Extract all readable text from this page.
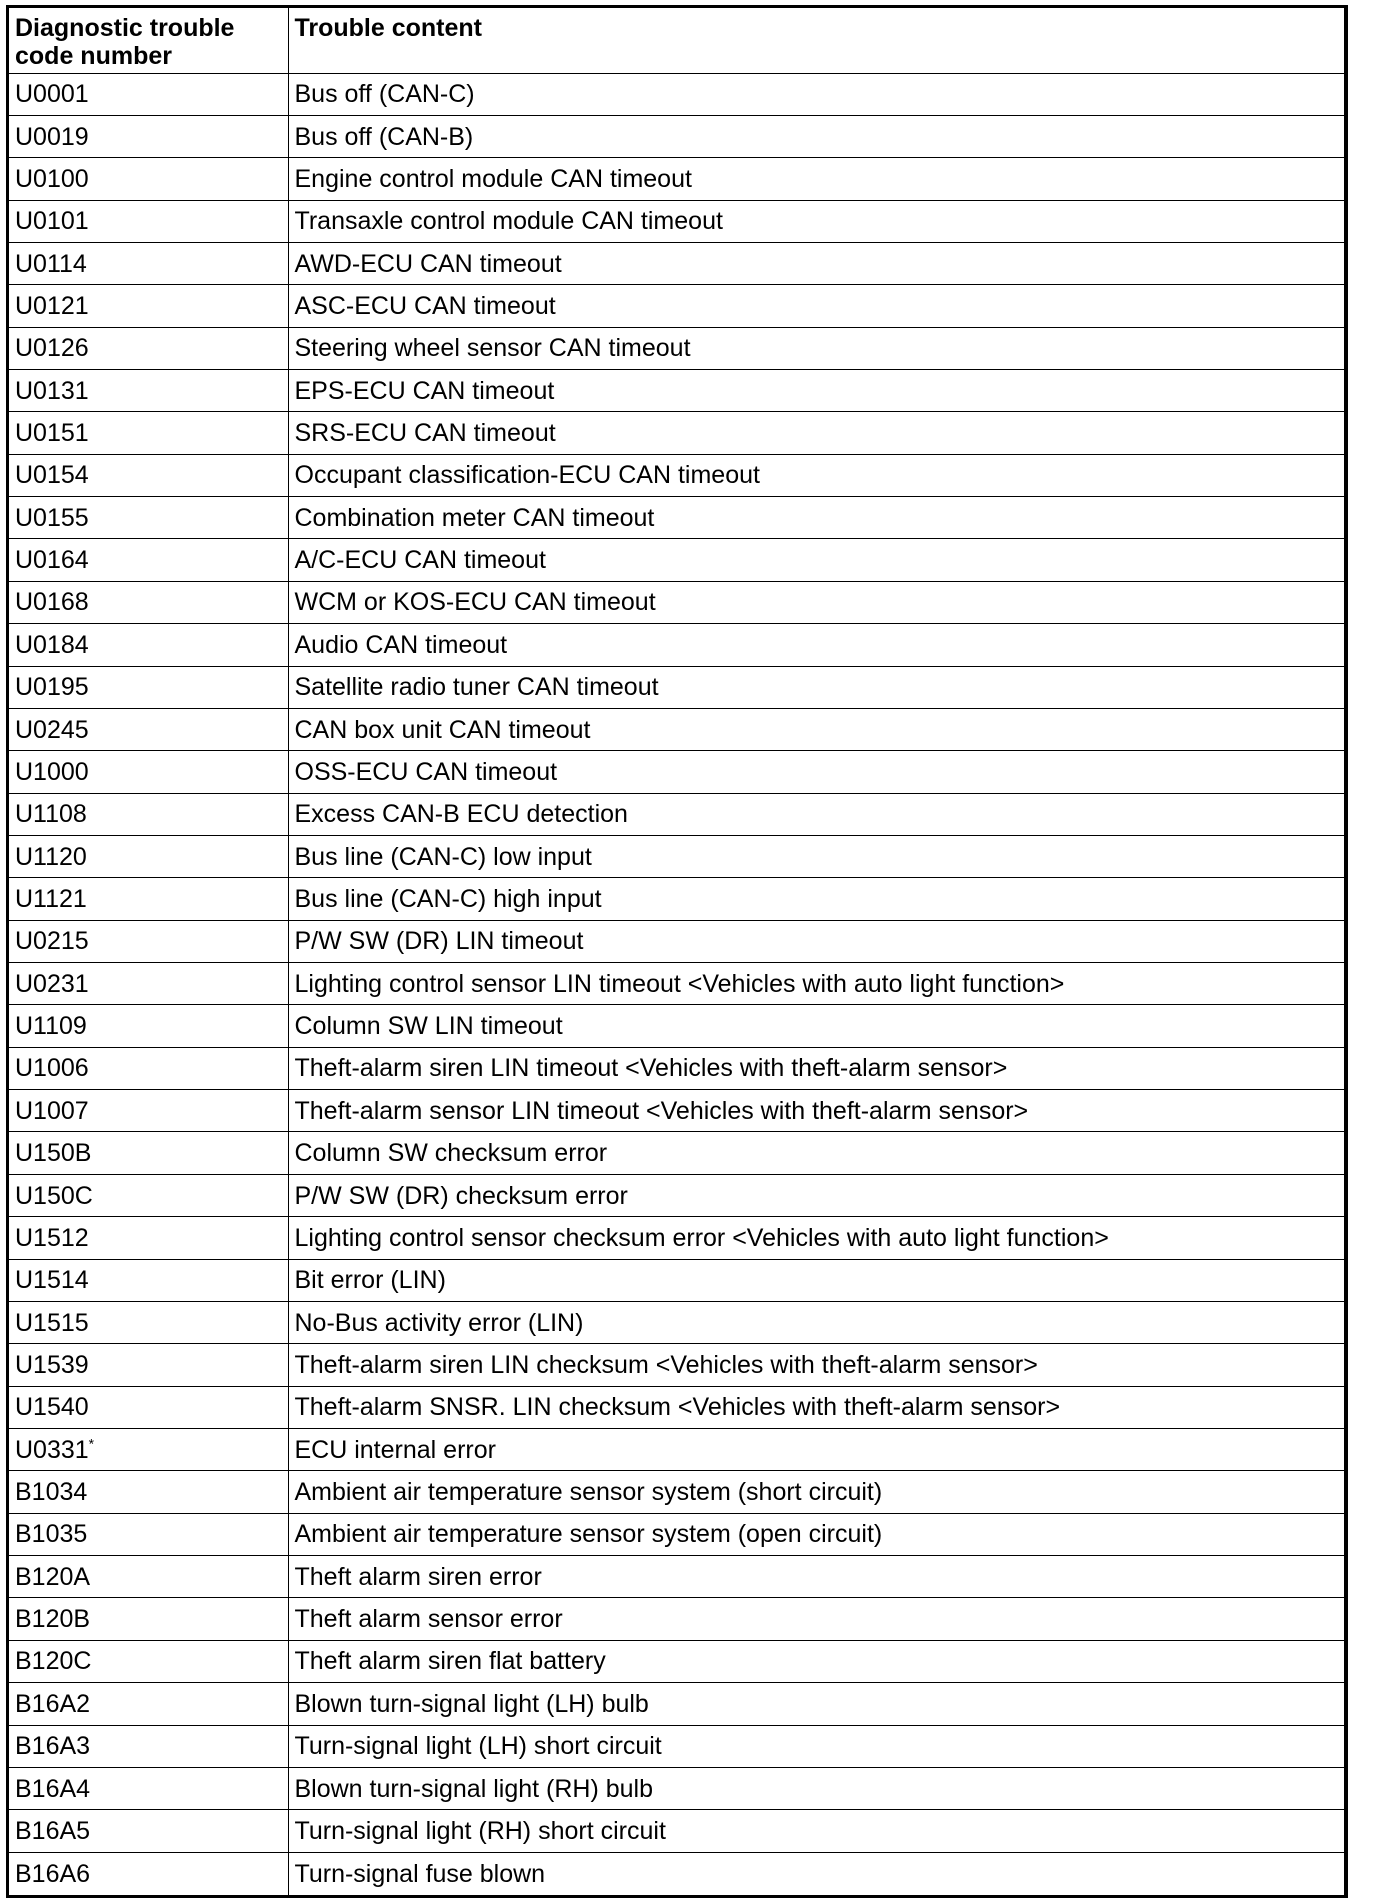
Diagnostic trouble code number	Trouble content
U0001	Bus off (CAN-C)
U0019	Bus off (CAN-B)
U0100	Engine control module CAN timeout
U0101	Transaxle control module CAN timeout
U0114	AWD-ECU CAN timeout
U0121	ASC-ECU CAN timeout
U0126	Steering wheel sensor CAN timeout
U0131	EPS-ECU CAN timeout
U0151	SRS-ECU CAN timeout
U0154	Occupant classification-ECU CAN timeout
U0155	Combination meter CAN timeout
U0164	A/C-ECU CAN timeout
U0168	WCM or KOS-ECU CAN timeout
U0184	Audio CAN timeout
U0195	Satellite radio tuner CAN timeout
U0245	CAN box unit CAN timeout
U1000	OSS-ECU CAN timeout
U1108	Excess CAN-B ECU detection
U1120	Bus line (CAN-C) low input
U1121	Bus line (CAN-C) high input
U0215	P/W SW (DR) LIN timeout
U0231	Lighting control sensor LIN timeout <Vehicles with auto light function>
U1109	Column SW LIN timeout
U1006	Theft-alarm siren LIN timeout <Vehicles with theft-alarm sensor>
U1007	Theft-alarm sensor LIN timeout <Vehicles with theft-alarm sensor>
U150B	Column SW checksum error
U150C	P/W SW (DR) checksum error
U1512	Lighting control sensor checksum error <Vehicles with auto light function>
U1514	Bit error (LIN)
U1515	No-Bus activity error (LIN)
U1539	Theft-alarm siren LIN checksum <Vehicles with theft-alarm sensor>
U1540	Theft-alarm SNSR. LIN checksum <Vehicles with theft-alarm sensor>
U0331*	ECU internal error
B1034	Ambient air temperature sensor system (short circuit)
B1035	Ambient air temperature sensor system (open circuit)
B120A	Theft alarm siren error
B120B	Theft alarm sensor error
B120C	Theft alarm siren flat battery
B16A2	Blown turn-signal light (LH) bulb
B16A3	Turn-signal light (LH) short circuit
B16A4	Blown turn-signal light (RH) bulb
B16A5	Turn-signal light (RH) short circuit
B16A6	Turn-signal fuse blown
